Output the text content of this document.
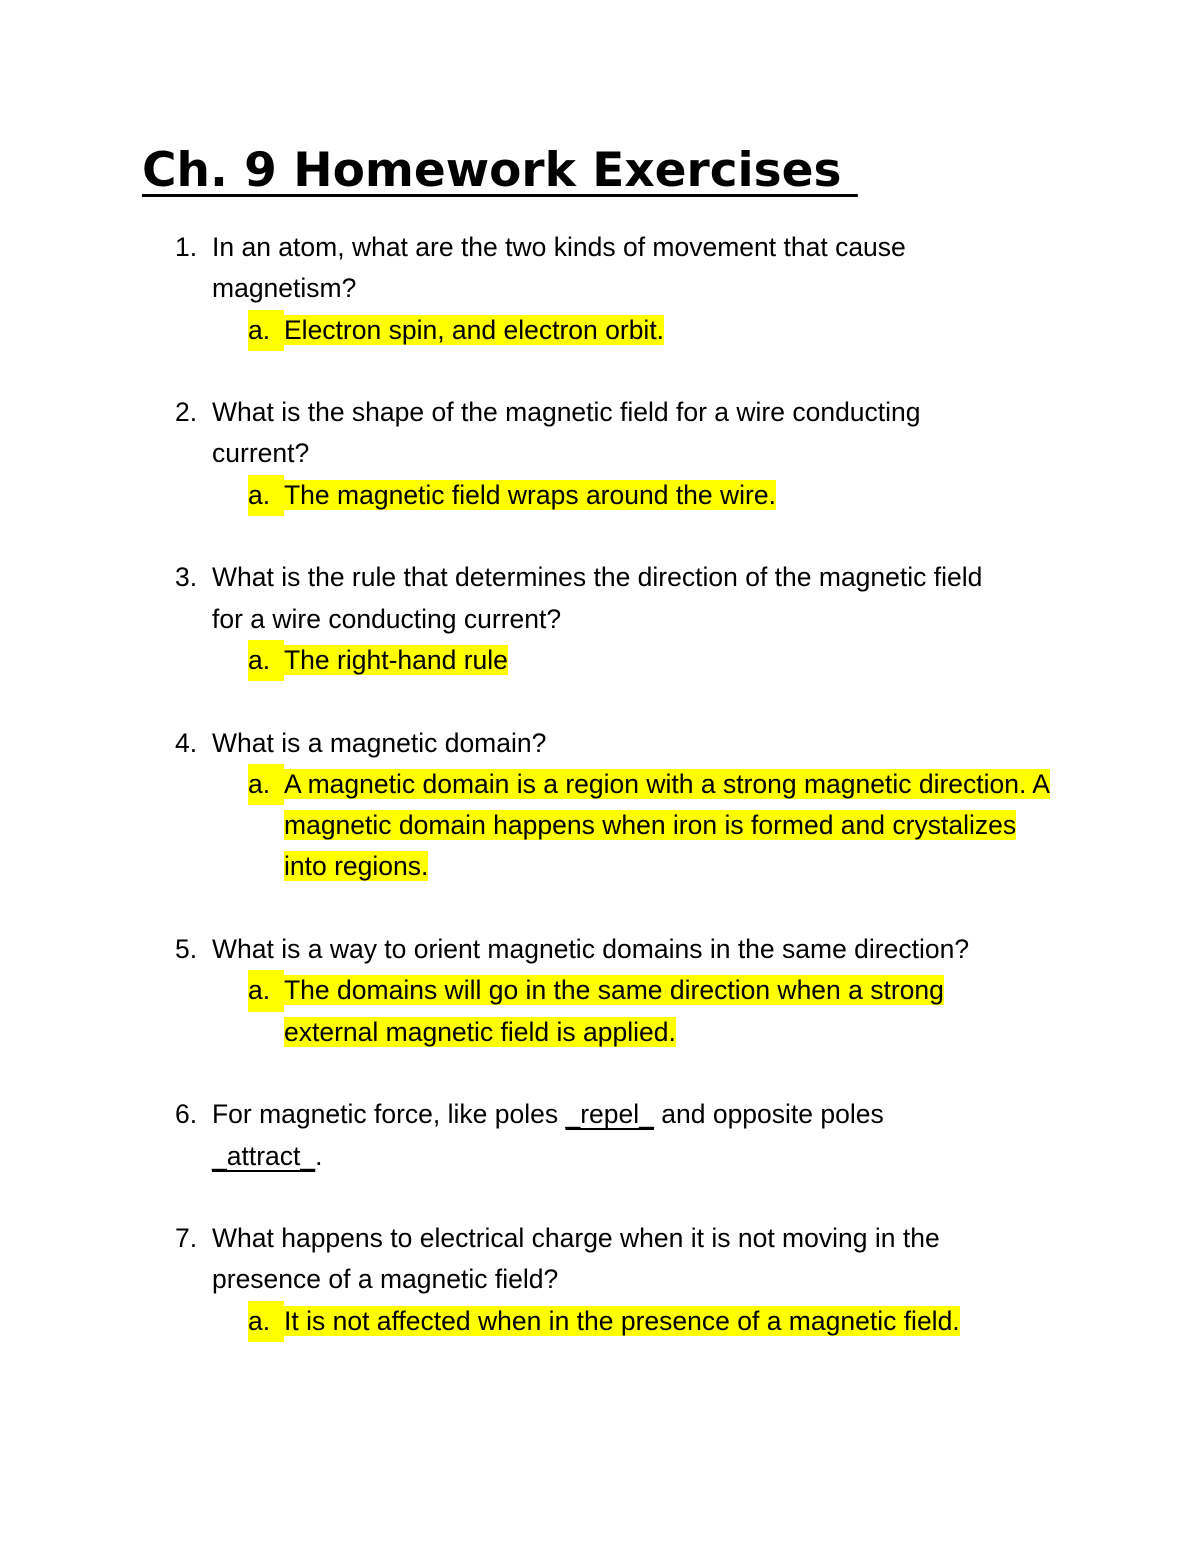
Ch. 9 Homework Exercises
1. In an atom, what are the two kinds of movement that cause magnetism?
a. Electron spin, and electron orbit.
2. What is the shape of the magnetic field for a wire conducting current?
a. The magnetic field wraps around the wire.
3. What is the rule that determines the direction of the magnetic field for a wire conducting current?
a. The right-hand rule
4. What is a magnetic domain?
a. A magnetic domain is a region with a strong magnetic direction. A magnetic domain happens when iron is formed and crystalizes into regions.
5. What is a way to orient magnetic domains in the same direction?
a. The domains will go in the same direction when a strong external magnetic field is applied.
6. For magnetic force, like poles _repel_ and opposite poles _attract_.
7. What happens to electrical charge when it is not moving in the presence of a magnetic field?
a. It is not affected when in the presence of a magnetic field.
